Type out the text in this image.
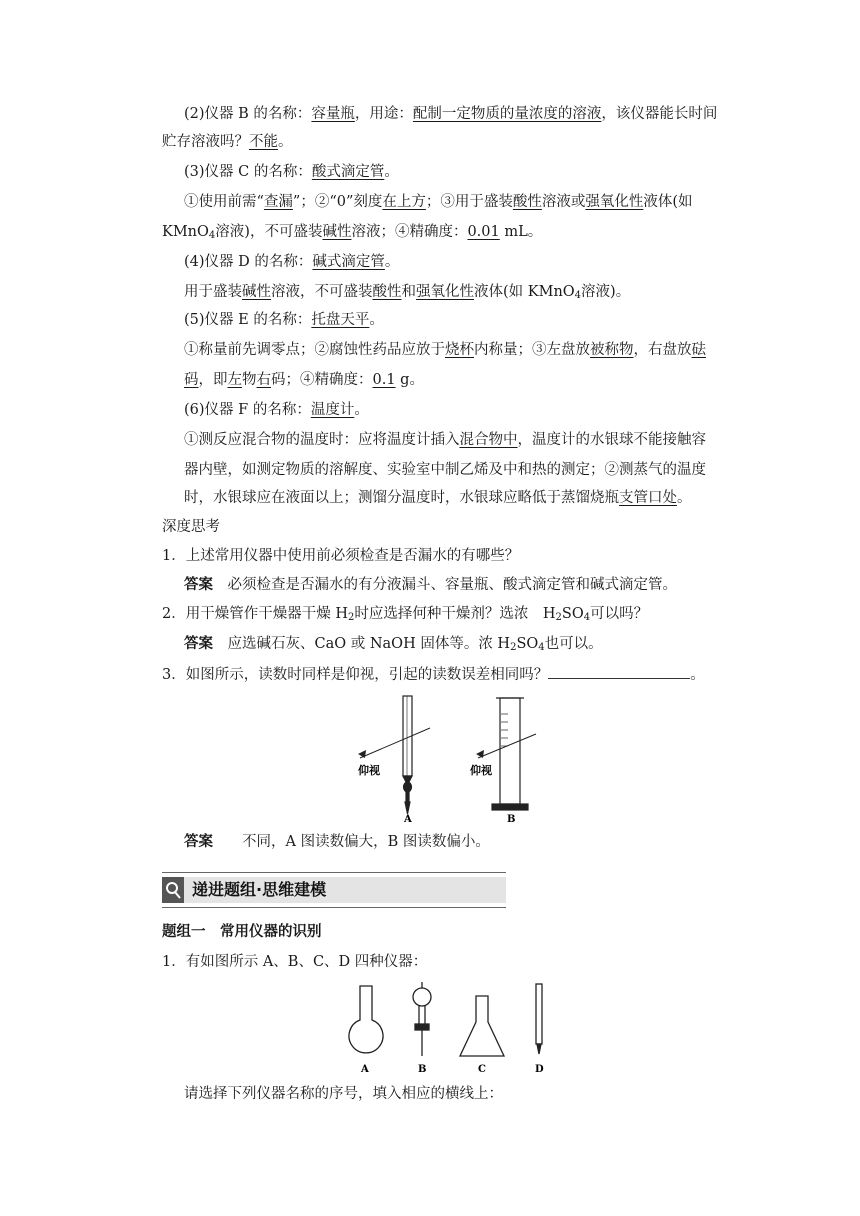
(2)仪器 B 的名称：容量瓶，用途：配制一定物质的量浓度的溶液，该仪器能长时间
贮存溶液吗？不能。
(3)仪器 C 的名称：酸式滴定管。
①使用前需“查漏”；②“0”刻度在上方；③用于盛装酸性溶液或强氧化性液体(如
KMnO$_4$溶液)，不可盛装碱性溶液；④精确度：0.01 mL。
(4)仪器 D 的名称：碱式滴定管。
用于盛装碱性溶液，不可盛装酸性和强氧化性液体(如 KMnO$_4$溶液)。
(5)仪器 E 的名称：托盘天平。
①称量前先调零点；②腐蚀性药品应放于烧杯内称量；③左盘放被称物，右盘放砝
码，即左物右码；④精确度：0.1 g。
(6)仪器 F 的名称：温度计。
①测反应混合物的温度时：应将温度计插入混合物中，温度计的水银球不能接触容
器内壁，如测定物质的溶解度、实验室中制乙烯及中和热的测定；②测蒸气的温度
时，水银球应在液面以上；测馏分温度时，水银球应略低于蒸馏烧瓶支管口处。
深度思考
1．上述常用仪器中使用前必须检查是否漏水的有哪些？
答案　必须检查是否漏水的有分液漏斗、容量瓶、酸式滴定管和碱式滴定管。
2．用干燥管作干燥器干燥 $H_2$时应选择何种干燥剂？选浓　$H_2SO_4$可以吗？
答案　应选碱石灰、CaO 或 NaOH 固体等。浓 $H_2SO_4$也可以。
3．如图所示，读数时同样是仰视，引起的读数误差相同吗？	。
仰视	仰视
A	B
答案　　不同，A 图读数偏大，B 图读数偏小。
递进题组·思维建模
题组一　常用仪器的识别
1．有如图所示 A、B、C、D 四种仪器：
A	B	C	D
请选择下列仪器名称的序号，填入相应的横线上：
